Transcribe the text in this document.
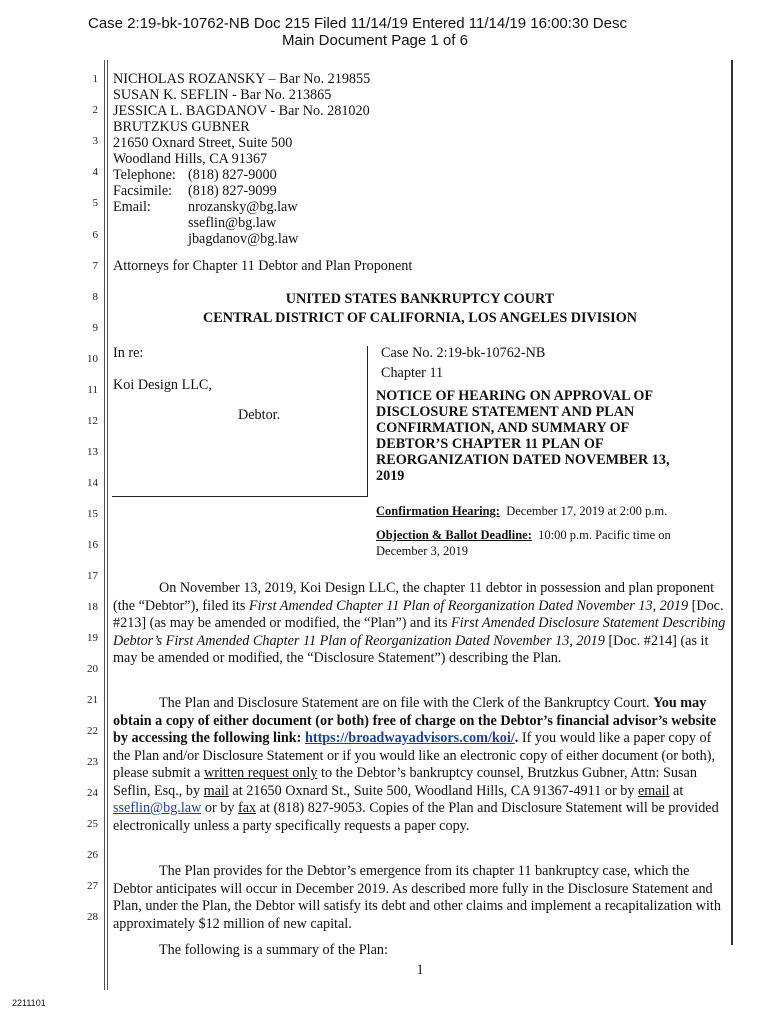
Case 2:19-bk-10762-NB Doc 215 Filed 11/14/19 Entered 11/14/19 16:00:30 Desc
Main Document Page 1 of 6
1
2
3
4
5
6
7
8
9
10
11
12
13
14
15
16
17
18
19
20
21
22
23
24
25
26
27
28
NICHOLAS ROZANSKY – Bar No. 219855
SUSAN K. SEFLIN - Bar No. 213865
JESSICA L. BAGDANOV - Bar No. 281020
BRUTZKUS GUBNER
21650 Oxnard Street, Suite 500
Woodland Hills, CA 91367
Telephone: (818) 827-9000
Facsimile: (818) 827-9099
Email:	nrozansky@bg.law
sseflin@bg.law
jbagdanov@bg.law
Attorneys for Chapter 11 Debtor and Plan Proponent
UNITED STATES BANKRUPTCY COURT
CENTRAL DISTRICT OF CALIFORNIA, LOS ANGELES DIVISION
In re:
Koi Design LLC,
Debtor.
Case No. 2:19-bk-10762-NB
Chapter 11
NOTICE OF HEARING ON APPROVAL OF
DISCLOSURE STATEMENT AND PLAN
CONFIRMATION, AND SUMMARY OF
DEBTOR’S CHAPTER 11 PLAN OF
REORGANIZATION DATED NOVEMBER 13,
2019
Confirmation Hearing: December 17, 2019 at 2:00 p.m.
Objection & Ballot Deadline: 10:00 p.m. Pacific time on
December 3, 2019
On November 13, 2019, Koi Design LLC, the chapter 11 debtor in possession and plan proponent (the “Debtor”), filed its First Amended Chapter 11 Plan of Reorganization Dated November 13, 2019 [Doc. #213] (as may be amended or modified, the “Plan”) and its First Amended Disclosure Statement Describing Debtor’s First Amended Chapter 11 Plan of Reorganization Dated November 13, 2019 [Doc. #214] (as it may be amended or modified, the “Disclosure Statement”) describing the Plan.
The Plan and Disclosure Statement are on file with the Clerk of the Bankruptcy Court. You may obtain a copy of either document (or both) free of charge on the Debtor’s financial advisor’s website by accessing the following link: https://broadwayadvisors.com/koi/. If you would like a paper copy of the Plan and/or Disclosure Statement or if you would like an electronic copy of either document (or both), please submit a written request only to the Debtor’s bankruptcy counsel, Brutzkus Gubner, Attn: Susan Seflin, Esq., by mail at 21650 Oxnard St., Suite 500, Woodland Hills, CA 91367-4911 or by email at sseflin@bg.law or by fax at (818) 827-9053. Copies of the Plan and Disclosure Statement will be provided electronically unless a party specifically requests a paper copy.
The Plan provides for the Debtor’s emergence from its chapter 11 bankruptcy case, which the Debtor anticipates will occur in December 2019. As described more fully in the Disclosure Statement and Plan, under the Plan, the Debtor will satisfy its debt and other claims and implement a recapitalization with approximately $12 million of new capital.
The following is a summary of the Plan:
1
2211101
